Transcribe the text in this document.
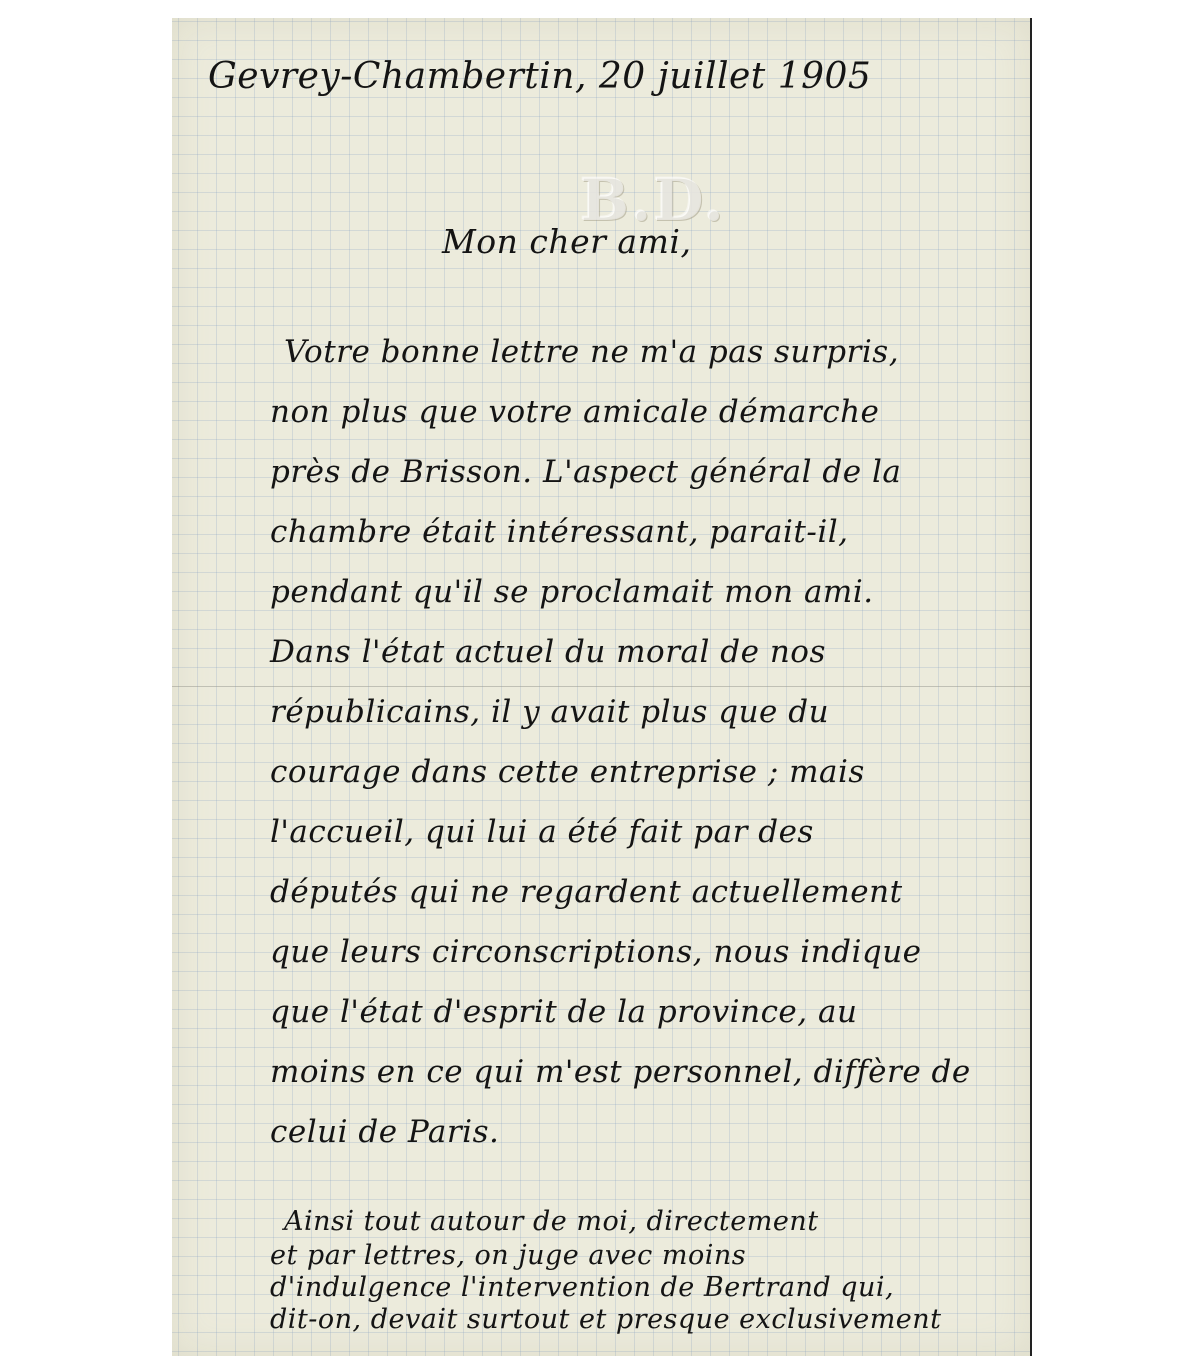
B.D.
Gevrey-Chambertin, 20 juillet 1905
Mon cher ami,
Votre bonne lettre ne m'a pas surpris,
non plus que votre amicale démarche
près de Brisson. L'aspect général de la
chambre était intéressant, parait-il,
pendant qu'il se proclamait mon ami.
Dans l'état actuel du moral de nos
républicains, il y avait plus que du
courage dans cette entreprise ; mais
l'accueil, qui lui a été fait par des
députés qui ne regardent actuellement
que leurs circonscriptions, nous indique
que l'état d'esprit de la province, au
moins en ce qui m'est personnel, diffère de
celui de Paris.
Ainsi tout autour de moi, directement
et par lettres, on juge avec moins
d'indulgence l'intervention de Bertrand qui,
dit-on, devait surtout et presque exclusivement
